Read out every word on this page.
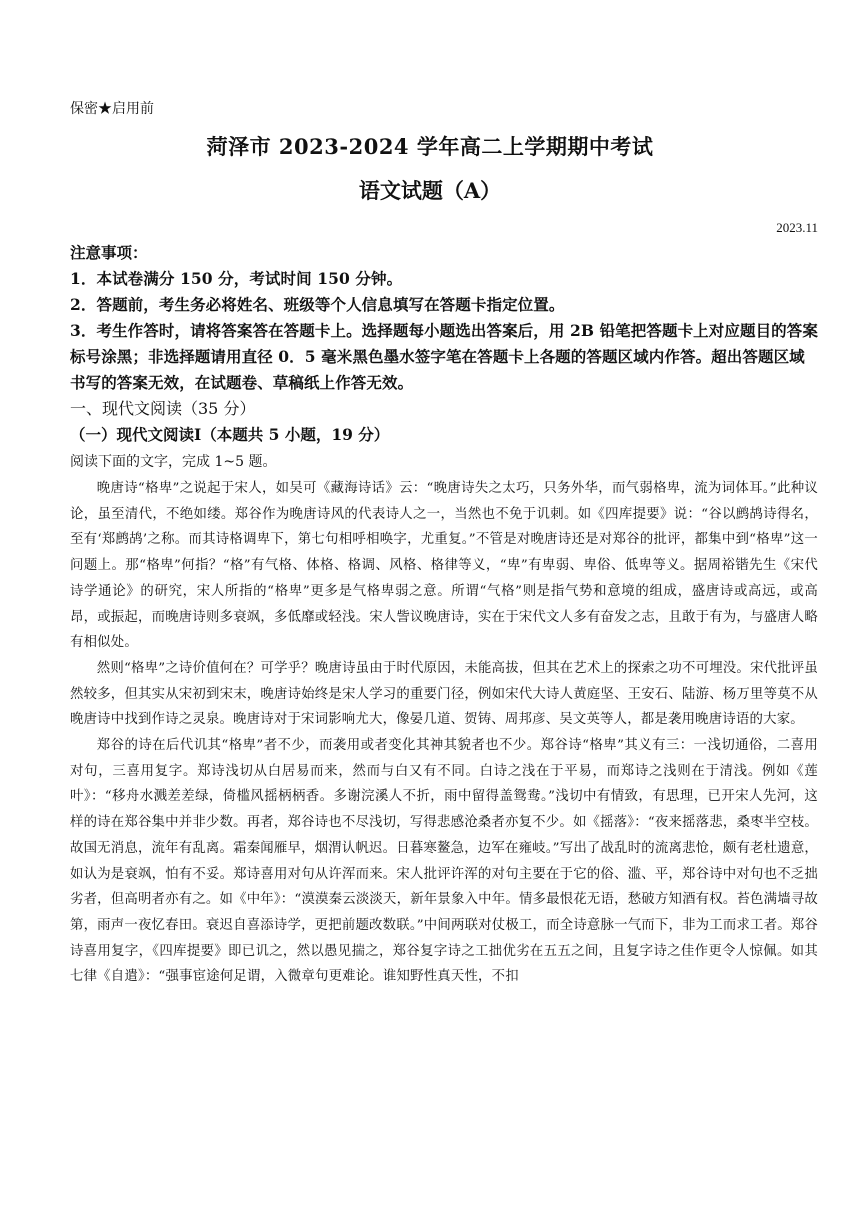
保密★启用前
菏泽市 2023-2024 学年高二上学期期中考试
语文试题（A）
2023.11

注意事项：

1．本试卷满分 150 分，考试时间 150 分钟。

2．答题前，考生务必将姓名、班级等个人信息填写在答题卡指定位置。

3．考生作答时，请将答案答在答题卡上。选择题每小题选出答案后，用 2B 铅笔把答题卡上对应题目的答案标号涂黑；非选择题请用直径 0．5 毫米黑色墨水签字笔在答题卡上各题的答题区域内作答。超出答题区域书写的答案无效，在试题卷、草稿纸上作答无效。

一、现代文阅读（35 分）

（一）现代文阅读Ⅰ（本题共 5 小题，19 分）

阅读下面的文字，完成 1~5 题。

晚唐诗“格卑”之说起于宋人，如吴可《藏海诗话》云：“晚唐诗失之太巧，只务外华，而气弱格卑，流为词体耳。”此种议论，虽至清代，不绝如缕。郑谷作为晚唐诗风的代表诗人之一，当然也不免于讥刺。如《四库提要》说：“谷以鹧鸪诗得名，至有‘郑鹧鸪’之称。而其诗格调卑下，第七句相呼相唤字，尤重复。”不管是对晚唐诗还是对郑谷的批评，都集中到“格卑”这一问题上。那“格卑”何指？“格”有气格、体格、格调、风格、格律等义，“卑”有卑弱、卑俗、低卑等义。据周裕锴先生《宋代诗学通论》的研究，宋人所指的“格卑”更多是气格卑弱之意。所谓“气格”则是指气势和意境的组成，盛唐诗或高远，或高昂，或振起，而晚唐诗则多衰飒，多低靡或轻浅。宋人訾议晚唐诗，实在于宋代文人多有奋发之志，且敢于有为，与盛唐人略有相似处。

然则“格卑”之诗价值何在？可学乎？晚唐诗虽由于时代原因，未能高拔，但其在艺术上的探索之功不可埋没。宋代批评虽然较多，但其实从宋初到宋末，晚唐诗始终是宋人学习的重要门径，例如宋代大诗人黄庭坚、王安石、陆游、杨万里等莫不从晚唐诗中找到作诗之灵泉。晚唐诗对于宋词影响尤大，像晏几道、贺铸、周邦彦、吴文英等人，都是袭用晚唐诗语的大家。

郑谷的诗在后代讥其“格卑”者不少，而袭用或者变化其神其貌者也不少。郑谷诗“格卑”其义有三：一浅切通俗，二喜用对句，三喜用复字。郑诗浅切从白居易而来，然而与白又有不同。白诗之浅在于平易，而郑诗之浅则在于清浅。例如《莲叶》：“移舟水溅差差绿，倚槛风摇柄柄香。多谢浣溪人不折，雨中留得盖鸳鸯。”浅切中有情致，有思理，已开宋人先河，这样的诗在郑谷集中并非少数。再者，郑谷诗也不尽浅切，写得悲感沧桑者亦复不少。如《摇落》：“夜来摇落悲，桑枣半空枝。故国无消息，流年有乱离。霜秦闻雁早，烟渭认帆迟。日暮寒鳌急，边军在雍岐。”写出了战乱时的流离悲怆，颇有老杜遗意，如认为是衰飒，怕有不妥。郑诗喜用对句从许浑而来。宋人批评许浑的对句主要在于它的俗、滥、平，郑谷诗中对句也不乏拙劣者，但高明者亦有之。如《中年》：“漠漠秦云淡淡天，新年景象入中年。情多最恨花无语，愁破方知酒有权。苔色满墙寻故第，雨声一夜忆春田。衰迟自喜添诗学，更把前题改数联。”中间两联对仗极工，而全诗意脉一气而下，非为工而求工者。郑谷诗喜用复字，《四库提要》即已讥之，然以愚见揣之，郑谷复字诗之工拙优劣在五五之间，且复字诗之佳作更令人惊佩。如其七律《自遣》：“强事宦途何足谓，入微章句更难论。谁知野性真天性，不扣
